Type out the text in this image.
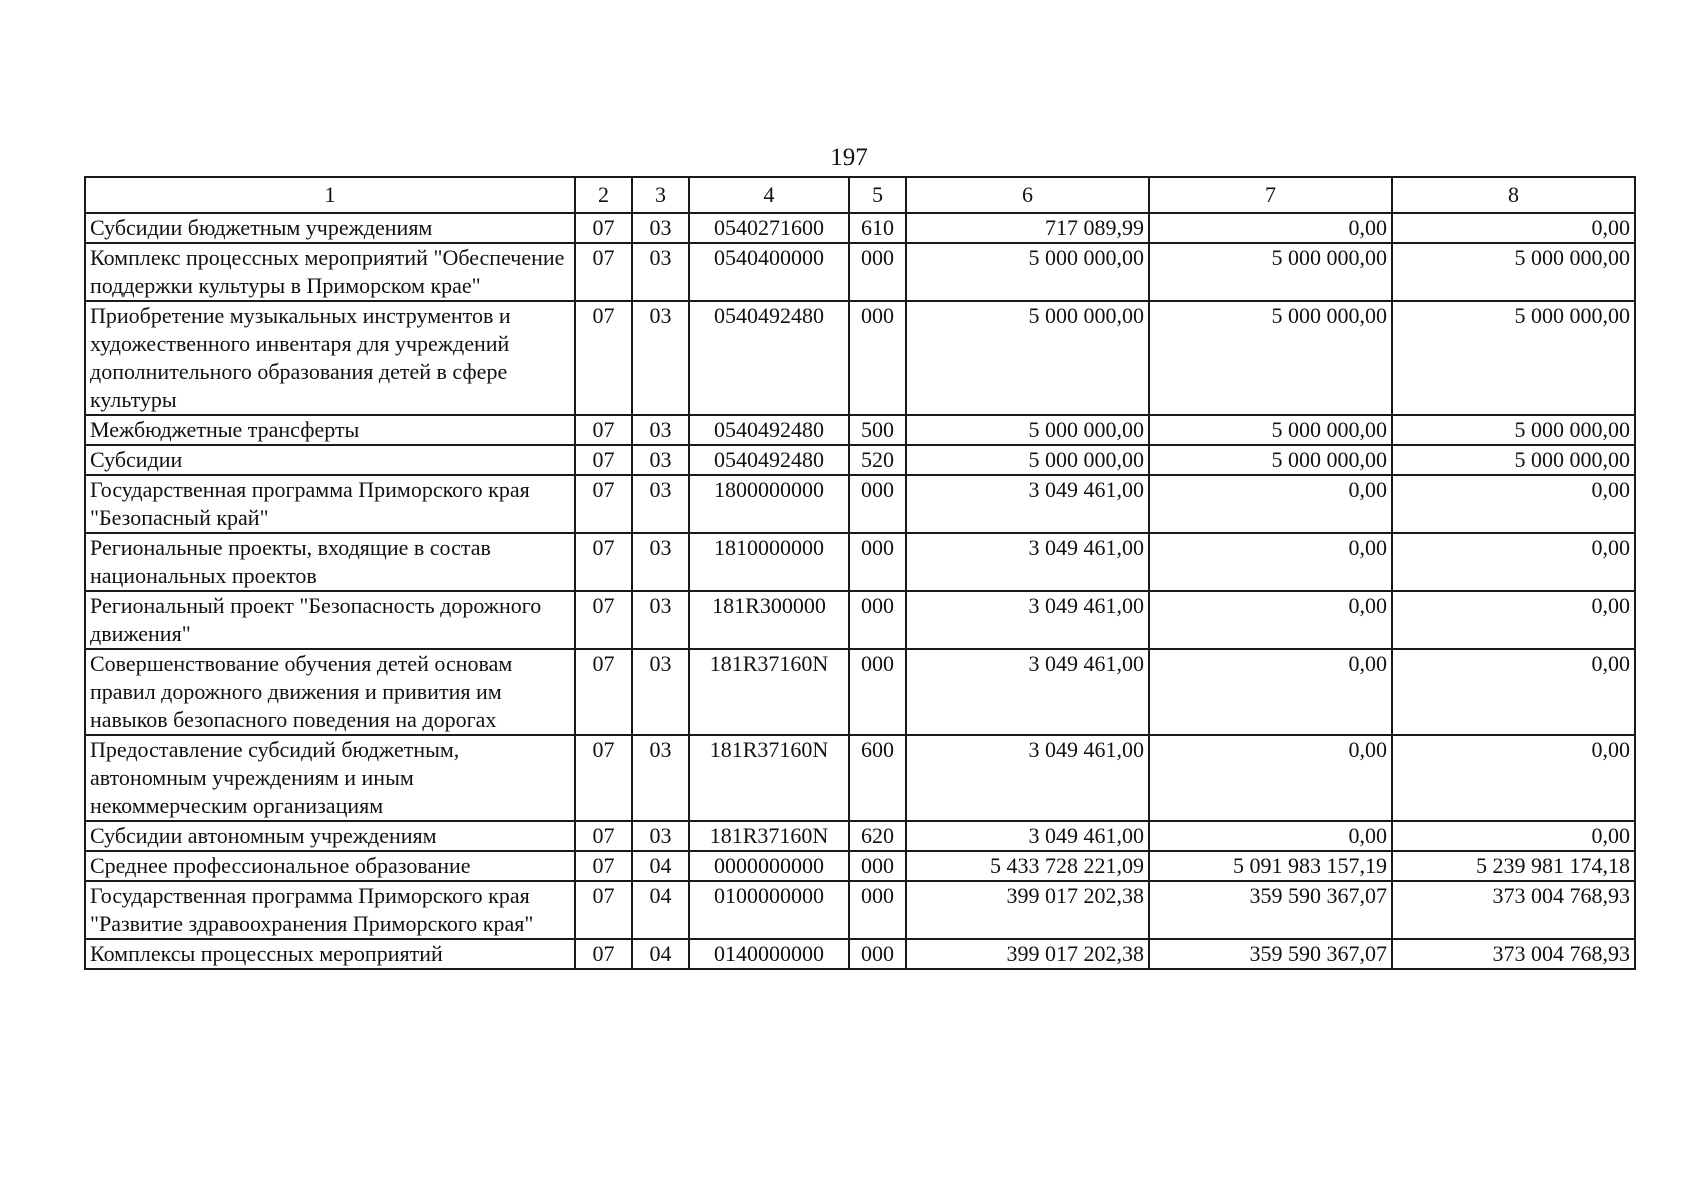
197
1	2	3	4	5	6	7	8
Субсидии бюджетным учреждениям	07	03	0540271600	610	717 089,99	0,00	0,00
Комплекс процессных мероприятий "Обеспечение поддержки культуры в Приморском крае"	07	03	0540400000	000	5 000 000,00	5 000 000,00	5 000 000,00
Приобретение музыкальных инструментов и художественного инвентаря для учреждений дополнительного образования детей в сфере культуры	07	03	0540492480	000	5 000 000,00	5 000 000,00	5 000 000,00
Межбюджетные трансферты	07	03	0540492480	500	5 000 000,00	5 000 000,00	5 000 000,00
Субсидии	07	03	0540492480	520	5 000 000,00	5 000 000,00	5 000 000,00
Государственная программа Приморского края "Безопасный край"	07	03	1800000000	000	3 049 461,00	0,00	0,00
Региональные проекты, входящие в состав национальных проектов	07	03	1810000000	000	3 049 461,00	0,00	0,00
Региональный проект "Безопасность дорожного движения"	07	03	181R300000	000	3 049 461,00	0,00	0,00
Совершенствование обучения детей основам правил дорожного движения и привития им навыков безопасного поведения на дорогах	07	03	181R37160N	000	3 049 461,00	0,00	0,00
Предоставление субсидий бюджетным, автономным учреждениям и иным некоммерческим организациям	07	03	181R37160N	600	3 049 461,00	0,00	0,00
Субсидии автономным учреждениям	07	03	181R37160N	620	3 049 461,00	0,00	0,00
Среднее профессиональное образование	07	04	0000000000	000	5 433 728 221,09	5 091 983 157,19	5 239 981 174,18
Государственная программа Приморского края "Развитие здравоохранения Приморского края"	07	04	0100000000	000	399 017 202,38	359 590 367,07	373 004 768,93
Комплексы процессных мероприятий	07	04	0140000000	000	399 017 202,38	359 590 367,07	373 004 768,93
